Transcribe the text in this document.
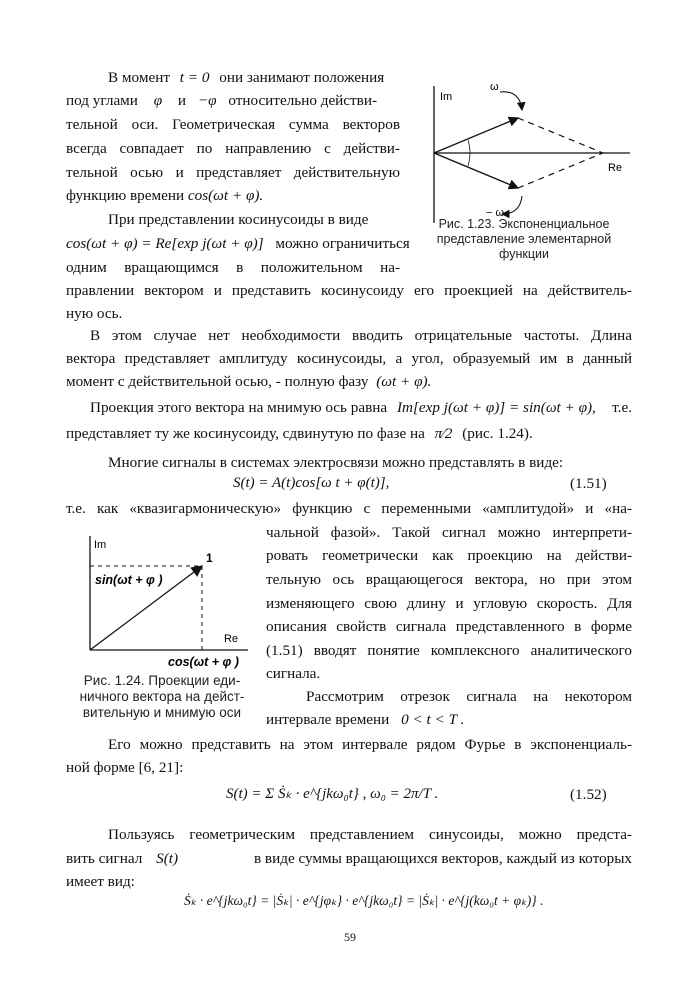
В момент t = 0 они занимают положения
под углами φ и −φ относительно действи-
тельной оси. Геометрическая сумма векторов
всегда совпадает по направлению с действи-
тельной осью и представляет действительную
функцию времени cos(ωt + φ).
При представлении косинусоиды в виде
cos(ωt + φ) = Re[exp j(ωt + φ)] можно ограничиться
одним вращающимся в положительном на-
правлении вектором и представить косинусоиду его проекцией на действитель-
ную ось.
В этом случае нет необходимости вводить отрицательные частоты. Длина
вектора представляет амплитуду косинусоиды, а угол, образуемый им в данный
момент с действительной осью, - полную фазу (ωt + φ).
Проекция этого вектора на мнимую ось равна Im[exp j(ωt + φ)] = sin(ωt + φ), т.е.
представляет ту же косинусоиду, сдвинутую по фазе на π⁄2 (рис. 1.24).
Многие сигналы в системах электросвязи можно представлять в виде:
S(t) = A(t)cos[ω t + φ(t)],	(1.51)
т.е. как «квазигармоническую» функцию с переменными «амплитудой» и «на-
чальной фазой». Такой сигнал можно интерпрети-
ровать геометрически как проекцию на действи-
тельную ось вращающегося вектора, но при этом
изменяющего свою длину и угловую скорость. Для
описания свойств сигнала представленного в форме
(1.51) вводят понятие комплексного аналитического
сигнала.
Рассмотрим отрезок сигнала на некотором
интервале времени 0 < t < T .
Его можно представить на этом интервале рядом Фурье в экспоненциаль-
ной форме [6, 21]:
S(t) = Σ Ṡₖ · e^{jkω₀t} , ω₀ = 2π/T .	(1.52)
Пользуясь геометрическим представлением синусоиды, можно предста-
вить сигнал S(t)	в виде суммы вращающихся векторов, каждый из которых
имеет вид:
Ṡₖ · e^{jkω₀t} = |Ṡₖ| · e^{jφₖ} · e^{jkω₀t} = |Ṡₖ| · e^{j(kω₀t + φₖ)} .
Im
Re
ω
− ω
Рис. 1.23. Экспоненциальное
представление элементарной
функции
Im
Re
1
sin(ωt + φ )
cos(ωt + φ )
Рис. 1.24. Проекции еди-
ничного вектора на дейст-
вительную и мнимую оси
59
